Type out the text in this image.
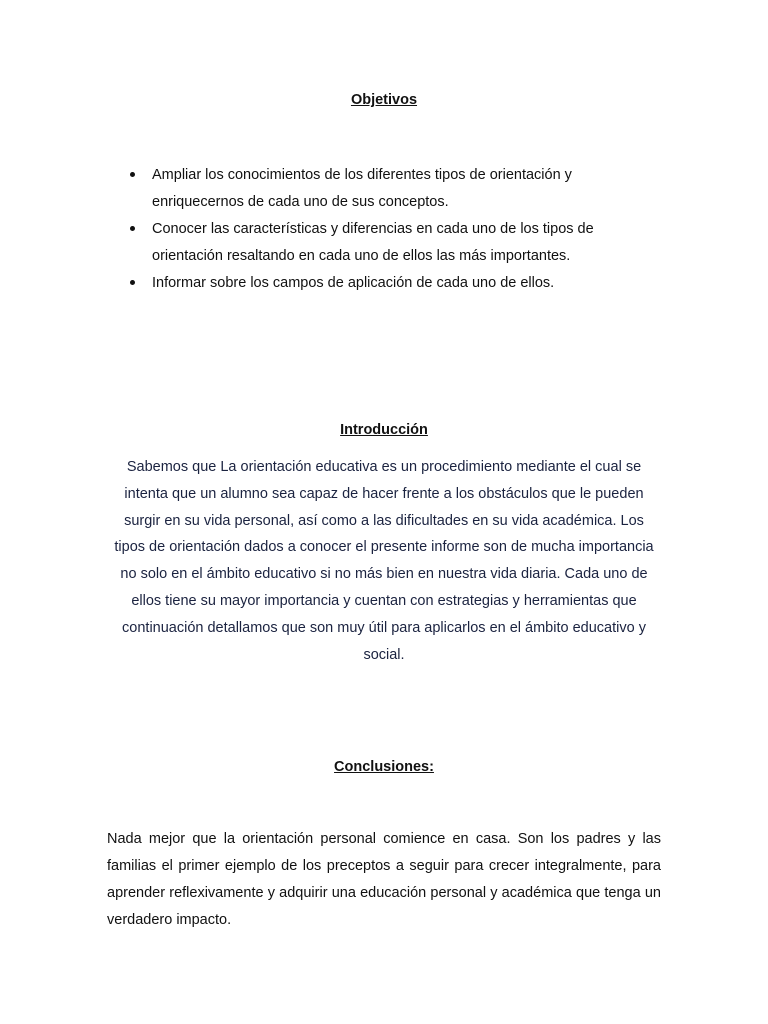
Objetivos
Ampliar los conocimientos de los diferentes tipos de orientación y enriquecernos de cada uno de sus conceptos.
Conocer las características y diferencias en cada uno de los tipos de orientación resaltando en cada uno de ellos las más importantes.
Informar sobre los campos de aplicación de cada uno de ellos.
Introducción

Sabemos que La orientación educativa es un procedimiento mediante el cual se intenta que un alumno sea capaz de hacer frente a los obstáculos que le pueden surgir en su vida personal, así como a las dificultades en su vida académica. Los tipos de orientación dados a conocer el presente informe son de mucha importancia no solo en el ámbito educativo si no más bien en nuestra vida diaria. Cada uno de ellos tiene su mayor importancia y cuentan con estrategias y herramientas que continuación detallamos que son muy útil para aplicarlos en el ámbito educativo y social.

Conclusiones:

Nada mejor que la orientación personal comience en casa. Son los padres y las familias el primer ejemplo de los preceptos a seguir para crecer integralmente, para aprender reflexivamente y adquirir una educación personal y académica que tenga un verdadero impacto.
